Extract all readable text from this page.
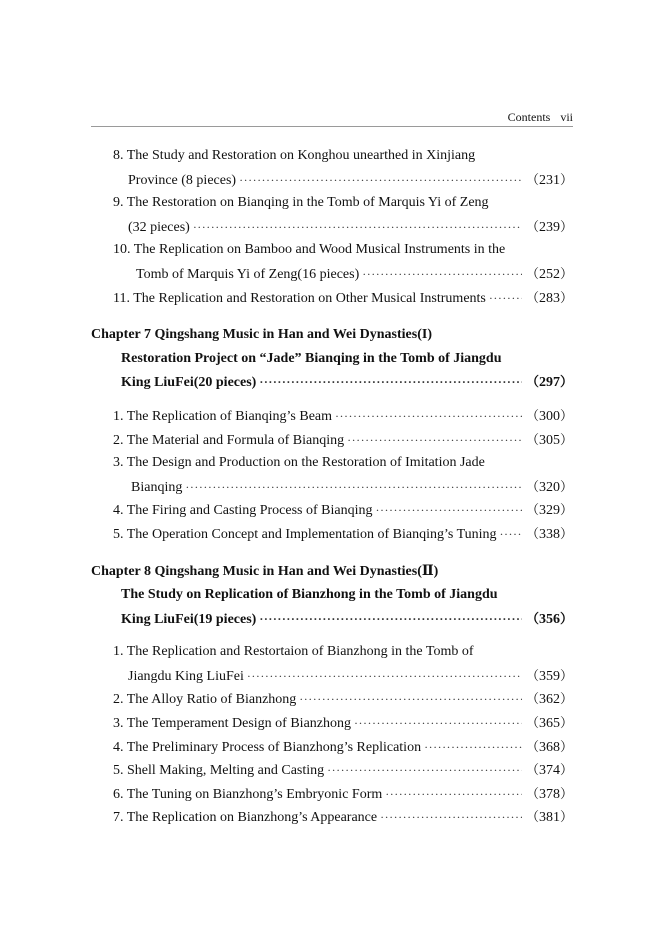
Contents vii
8. The Study and Restoration on Konghou unearthed in Xinjiang
Province (8 pieces) ·····	（231）
9. The Restoration on Bianqing in the Tomb of Marquis Yi of Zeng
(32 pieces) ·····	（239）
10. The Replication on Bamboo and Wood Musical Instruments in the
Tomb of Marquis Yi of Zeng(16 pieces) ·····	（252）
11. The Replication and Restoration on Other Musical Instruments ·····	（283）
Chapter 7 Qingshang Music in Han and Wei Dynasties(I)
Restoration Project on “Jade” Bianqing in the Tomb of Jiangdu
King LiuFei(20 pieces) ·····	（297）
1. The Replication of Bianqing’s Beam ·····	（300）
2. The Material and Formula of Bianqing ·····	（305）
3. The Design and Production on the Restoration of Imitation Jade
Bianqing ·····	（320）
4. The Firing and Casting Process of Bianqing ·····	（329）
5. The Operation Concept and Implementation of Bianqing’s Tuning ····· （338）
Chapter 8 Qingshang Music in Han and Wei Dynasties(Ⅱ)
The Study on Replication of Bianzhong in the Tomb of Jiangdu
King LiuFei(19 pieces) ·····	（356）
1. The Replication and Restortaion of Bianzhong in the Tomb of
Jiangdu King LiuFei ·····	（359）
2. The Alloy Ratio of Bianzhong ·····	（362）
3. The Temperament Design of Bianzhong ·····	（365）
4. The Preliminary Process of Bianzhong’s Replication ·····	（368）
5. Shell Making, Melting and Casting ·····	（374）
6. The Tuning on Bianzhong’s Embryonic Form ·····	（378）
7. The Replication on Bianzhong’s Appearance ·····	（381）
